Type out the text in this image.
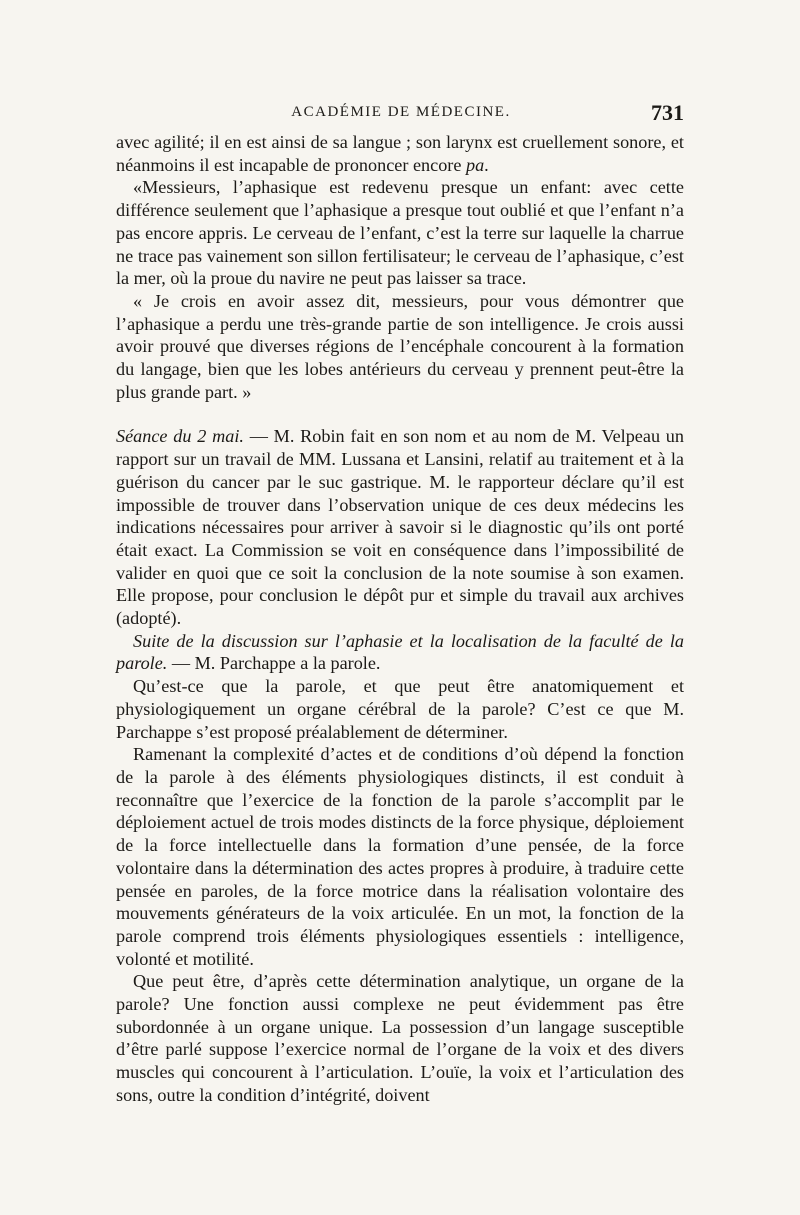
ACADÉMIE DE MÉDECINE.	731

avec agilité; il en est ainsi de sa langue ; son larynx est cruellement sonore, et néanmoins il est incapable de prononcer encore pa.

«Messieurs, l’aphasique est redevenu presque un enfant: avec cette différence seulement que l’aphasique a presque tout oublié et que l’enfant n’a pas encore appris. Le cerveau de l’enfant, c’est la terre sur laquelle la charrue ne trace pas vainement son sillon fertilisateur; le cerveau de l’aphasique, c’est la mer, où la proue du navire ne peut pas laisser sa trace.

« Je crois en avoir assez dit, messieurs, pour vous démontrer que l’aphasique a perdu une très-grande partie de son intelligence. Je crois aussi avoir prouvé que diverses régions de l’encéphale concourent à la formation du langage, bien que les lobes antérieurs du cerveau y prennent peut-être la plus grande part. »

Séance du 2 mai. — M. Robin fait en son nom et au nom de M. Velpeau un rapport sur un travail de MM. Lussana et Lansini, relatif au traitement et à la guérison du cancer par le suc gastrique. M. le rapporteur déclare qu’il est impossible de trouver dans l’observation unique de ces deux médecins les indications nécessaires pour arriver à savoir si le diagnostic qu’ils ont porté était exact. La Commission se voit en conséquence dans l’impossibilité de valider en quoi que ce soit la conclusion de la note soumise à son examen. Elle propose, pour conclusion le dépôt pur et simple du travail aux archives (adopté).

Suite de la discussion sur l’aphasie et la localisation de la faculté de la parole. — M. Parchappe a la parole.

Qu’est-ce que la parole, et que peut être anatomiquement et physiologiquement un organe cérébral de la parole? C’est ce que M. Parchappe s’est proposé préalablement de déterminer.

Ramenant la complexité d’actes et de conditions d’où dépend la fonction de la parole à des éléments physiologiques distincts, il est conduit à reconnaître que l’exercice de la fonction de la parole s’accomplit par le déploiement actuel de trois modes distincts de la force physique, déploiement de la force intellectuelle dans la formation d’une pensée, de la force volontaire dans la détermination des actes propres à produire, à traduire cette pensée en paroles, de la force motrice dans la réalisation volontaire des mouvements générateurs de la voix articulée. En un mot, la fonction de la parole comprend trois éléments physiologiques essentiels : intelligence, volonté et motilité.

Que peut être, d’après cette détermination analytique, un organe de la parole? Une fonction aussi complexe ne peut évidemment pas être subordonnée à un organe unique. La possession d’un langage susceptible d’être parlé suppose l’exercice normal de l’organe de la voix et des divers muscles qui concourent à l’articulation. L’ouïe, la voix et l’articulation des sons, outre la condition d’intégrité, doivent
